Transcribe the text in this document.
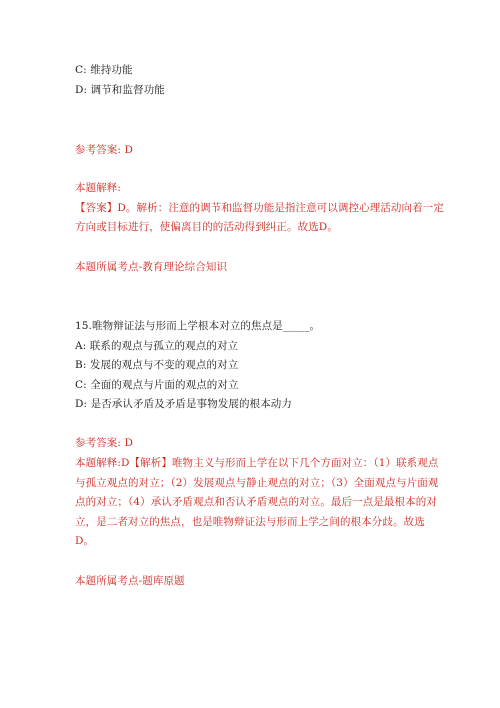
C: 维持功能
D: 调节和监督功能
参考答案: D
本题解释:
【答案】D。解析：注意的调节和监督功能是指注意可以调控心理活动向着一定
方向或目标进行，使偏离目的的活动得到纠正。故选D。
本题所属考点-教育理论综合知识
15.唯物辩证法与形而上学根本对立的焦点是_____。
A: 联系的观点与孤立的观点的对立
B: 发展的观点与不变的观点的对立
C: 全面的观点与片面的观点的对立
D: 是否承认矛盾及矛盾是事物发展的根本动力
参考答案: D
本题解释:D【解析】唯物主义与形而上学在以下几个方面对立：（1）联系观点
与孤立观点的对立；（2）发展观点与静止观点的对立；（3）全面观点与片面观
点的对立；（4）承认矛盾观点和否认矛盾观点的对立。最后一点是最根本的对
立，是二者对立的焦点，也是唯物辩证法与形而上学之间的根本分歧。故选
D。
本题所属考点-题库原题
